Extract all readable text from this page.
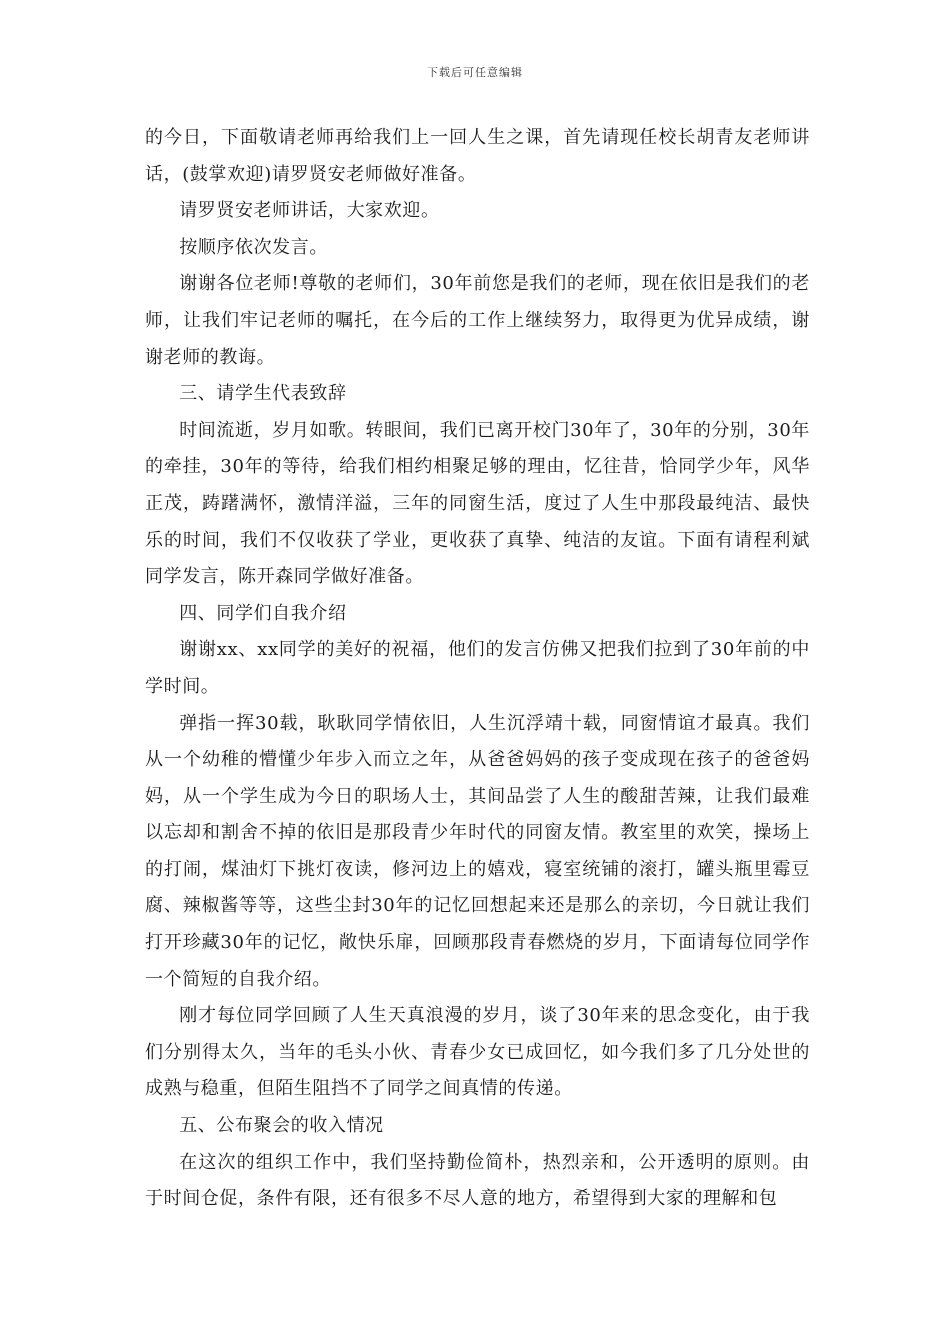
下载后可任意编辑

的今日，下面敬请老师再给我们上一回人生之课，首先请现任校长胡青友老师讲话，(鼓掌欢迎)请罗贤安老师做好准备。

请罗贤安老师讲话，大家欢迎。

按顺序依次发言。

谢谢各位老师!尊敬的老师们，30年前您是我们的老师，现在依旧是我们的老师，让我们牢记老师的嘱托，在今后的工作上继续努力，取得更为优异成绩，谢谢老师的教诲。

三、请学生代表致辞

时间流逝，岁月如歌。转眼间，我们已离开校门30年了，30年的分别，30年的牵挂，30年的等待，给我们相约相聚足够的理由，忆往昔，恰同学少年，风华正茂，踌躇满怀，激情洋溢，三年的同窗生活，度过了人生中那段最纯洁、最快乐的时间，我们不仅收获了学业，更收获了真挚、纯洁的友谊。下面有请程利斌同学发言，陈开森同学做好准备。

四、同学们自我介绍

谢谢xx、xx同学的美好的祝福，他们的发言仿佛又把我们拉到了30年前的中学时间。

弹指一挥30载，耿耿同学情依旧，人生沉浮靖十载，同窗情谊才最真。我们从一个幼稚的懵懂少年步入而立之年，从爸爸妈妈的孩子变成现在孩子的爸爸妈妈，从一个学生成为今日的职场人士，其间品尝了人生的酸甜苦辣，让我们最难以忘却和割舍不掉的依旧是那段青少年时代的同窗友情。教室里的欢笑，操场上的打闹，煤油灯下挑灯夜读，修河边上的嬉戏，寝室统铺的滚打，罐头瓶里霉豆腐、辣椒酱等等，这些尘封30年的记忆回想起来还是那么的亲切，今日就让我们打开珍藏30年的记忆，敞快乐扉，回顾那段青春燃烧的岁月，下面请每位同学作一个简短的自我介绍。

刚才每位同学回顾了人生天真浪漫的岁月，谈了30年来的思念变化，由于我们分别得太久，当年的毛头小伙、青春少女已成回忆，如今我们多了几分处世的成熟与稳重，但陌生阻挡不了同学之间真情的传递。

五、公布聚会的收入情况

在这次的组织工作中，我们坚持勤俭简朴，热烈亲和，公开透明的原则。由于时间仓促，条件有限，还有很多不尽人意的地方，希望得到大家的理解和包
